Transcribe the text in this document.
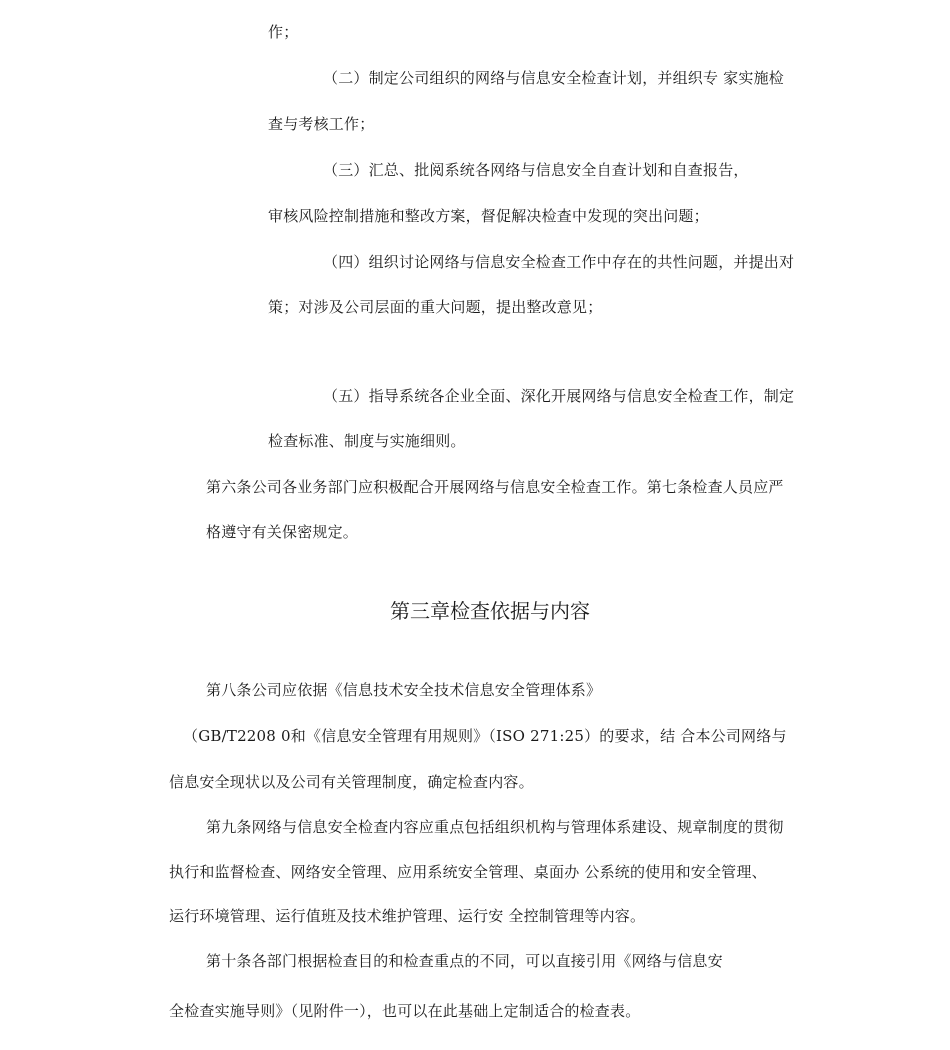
作；
（二）制定公司组织的网络与信息安全检查计划，并组织专 家实施检
查与考核工作；
（三）汇总、批阅系统各网络与信息安全自查计划和自查报告，
审核风险控制措施和整改方案，督促解决检查中发现的突出问题；
（四）组织讨论网络与信息安全检查工作中存在的共性问题，并提出对
策；对涉及公司层面的重大问题，提出整改意见；
（五）指导系统各企业全面、深化开展网络与信息安全检查工作，制定
检查标准、制度与实施细则。
第六条公司各业务部门应积极配合开展网络与信息安全检查工作。第七条检查人员应严
格遵守有关保密规定。
第三章检查依据与内容
第八条公司应依据《信息技术安全技术信息安全管理体系》
（GB/T2208 0和《信息安全管理有用规则》（ISO 271:25）的要求，结 合本公司网络与
信息安全现状以及公司有关管理制度，确定检查内容。
第九条网络与信息安全检查内容应重点包括组织机构与管理体系建设、规章制度的贯彻
执行和监督检查、网络安全管理、应用系统安全管理、桌面办 公系统的使用和安全管理、
运行环境管理、运行值班及技术维护管理、运行安 全控制管理等内容。
第十条各部门根据检查目的和检查重点的不同，可以直接引用《网络与信息安
全检查实施导则》（见附件一），也可以在此基础上定制适合的检查表。
